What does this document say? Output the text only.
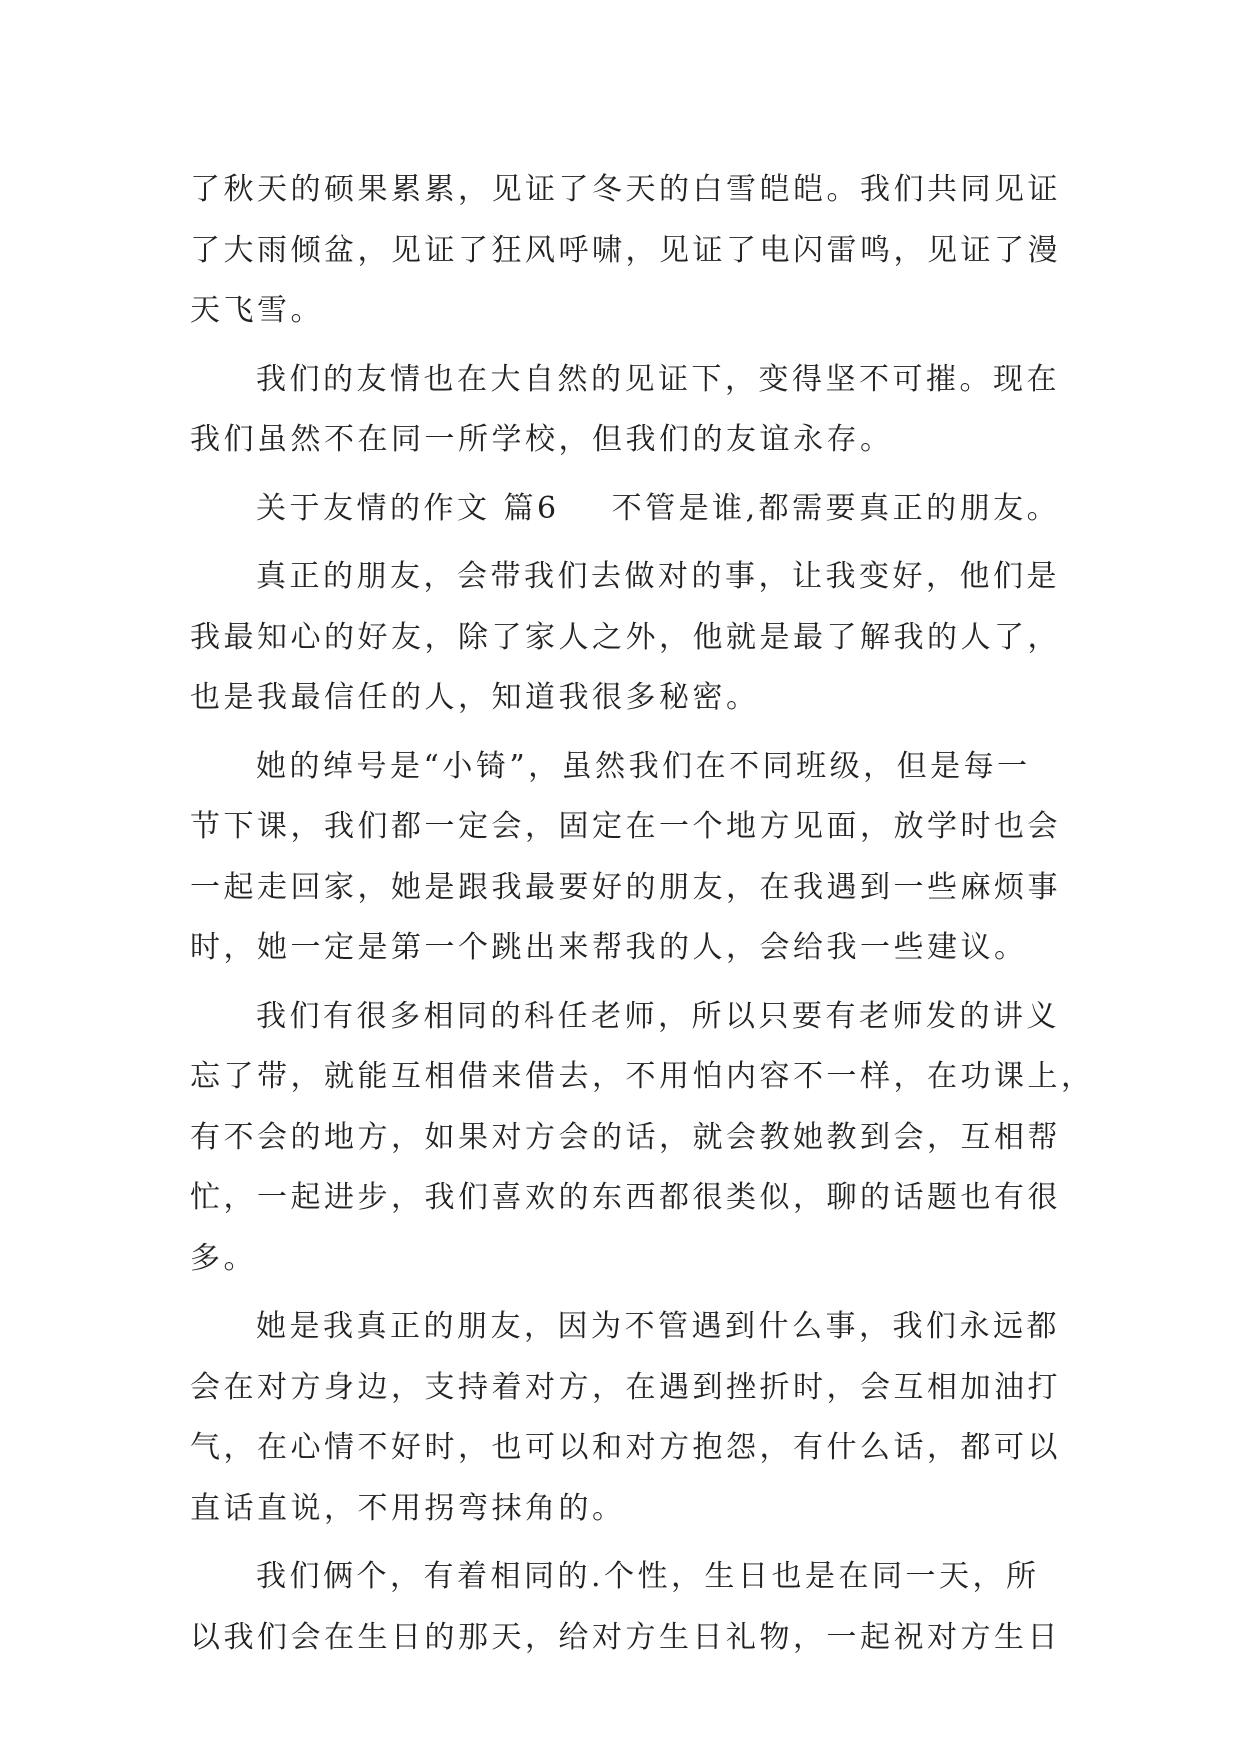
了秋天的硕果累累，见证了冬天的白雪皑皑。我们共同见证

了大雨倾盆，见证了狂风呼啸，见证了电闪雷鸣，见证了漫

天飞雪。

我们的友情也在大自然的见证下，变得坚不可摧。现在

我们虽然不在同一所学校，但我们的友谊永存。

关于友情的作文 篇6 不管是谁,都需要真正的朋友。

真正的朋友，会带我们去做对的事，让我变好，他们是

我最知心的好友，除了家人之外，他就是最了解我的人了，

也是我最信任的人，知道我很多秘密。

她的绰号是“小锜”，虽然我们在不同班级，但是每一

节下课，我们都一定会，固定在一个地方见面，放学时也会

一起走回家，她是跟我最要好的朋友，在我遇到一些麻烦事

时，她一定是第一个跳出来帮我的人，会给我一些建议。

我们有很多相同的科任老师，所以只要有老师发的讲义

忘了带，就能互相借来借去，不用怕内容不一样，在功课上，

有不会的地方，如果对方会的话，就会教她教到会，互相帮

忙，一起进步，我们喜欢的东西都很类似，聊的话题也有很

多。

她是我真正的朋友，因为不管遇到什么事，我们永远都

会在对方身边，支持着对方，在遇到挫折时，会互相加油打

气，在心情不好时，也可以和对方抱怨，有什么话，都可以

直话直说，不用拐弯抹角的。

我们俩个，有着相同的.个性，生日也是在同一天，所

以我们会在生日的那天，给对方生日礼物，一起祝对方生日
